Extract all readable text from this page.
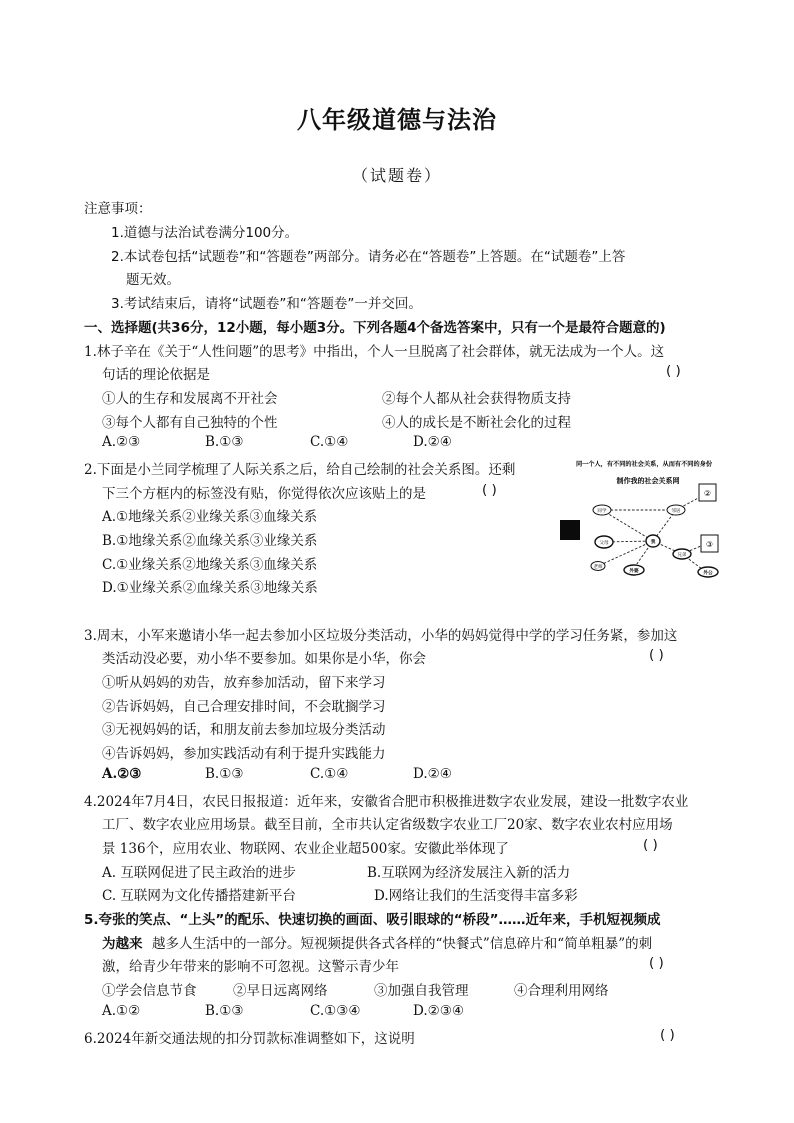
八年级道德与法治
（试题卷）
注意事项：
1.道德与法治试卷满分100分。
2.本试卷包括“试题卷”和“答题卷”两部分。请务必在“答题卷”上答题。在“试题卷”上答
题无效。
3.考试结束后，请将“试题卷”和“答题卷”一并交回。
一、选择题(共36分，12小题，每小题3分。下列各题4个备选答案中，只有一个是最符合题意的)
1.林子辛在《关于“人性问题”的思考》中指出，个人一旦脱离了社会群体，就无法成为一个人。这
句话的理论依据是	( )
①人的生存和发展离不开社会	②每个人都从社会获得物质支持
③每个人都有自己独特的个性	④人的成长是不断社会化的过程
A.②③	B.①③	C.①④	D.②④
2.下面是小兰同学梳理了人际关系之后，给自己绘制的社会关系图。还剩
下三个方框内的标签没有贴，你觉得依次应该贴上的是	( )
A.①地缘关系②业缘关系③血缘关系
B.①地缘关系②血缘关系③业缘关系
C.①业缘关系②地缘关系③血缘关系
D.①业缘关系②血缘关系③地缘关系
同一个人，有不同的社会关系，从而有不同的身份
制作我的社会关系网
②
③
同学	邻居
我
父母
老师
兄弟
外婆	外公
3.周末，小军来邀请小华一起去参加小区垃圾分类活动，小华的妈妈觉得中学的学习任务紧，参加这
类活动没必要，劝小华不要参加。如果你是小华，你会	( )
①听从妈妈的劝告，放弃参加活动，留下来学习
②告诉妈妈，自己合理安排时间，不会耽搁学习
③无视妈妈的话，和朋友前去参加垃圾分类活动
④告诉妈妈，参加实践活动有利于提升实践能力
A.②③	B.①③	C.①④	D.②④
4.2024年7月4日，农民日报报道：近年来，安徽省合肥市积极推进数字农业发展，建设一批数字农业
工厂、数字农业应用场景。截至目前，全市共认定省级数字农业工厂20家、数字农业农村应用场
景 136个，应用农业、物联网、农业企业超500家。安徽此举体现了	( )
A. 互联网促进了民主政治的进步	B.互联网为经济发展注入新的活力
C. 互联网为文化传播搭建新平台	D.网络让我们的生活变得丰富多彩
5.夸张的笑点、“上头”的配乐、快速切换的画面、吸引眼球的“桥段”……近年来，手机短视频成
为越来 越多人生活中的一部分。短视频提供各式各样的“快餐式”信息碎片和“简单粗暴”的刺
激，给青少年带来的影响不可忽视。这警示青少年	( )
①学会信息节食	②早日远离网络	③加强自我管理	④合理利用网络
A.①②	B.①③	C.①③④	D.②③④
6.2024年新交通法规的扣分罚款标准调整如下，这说明	( )
